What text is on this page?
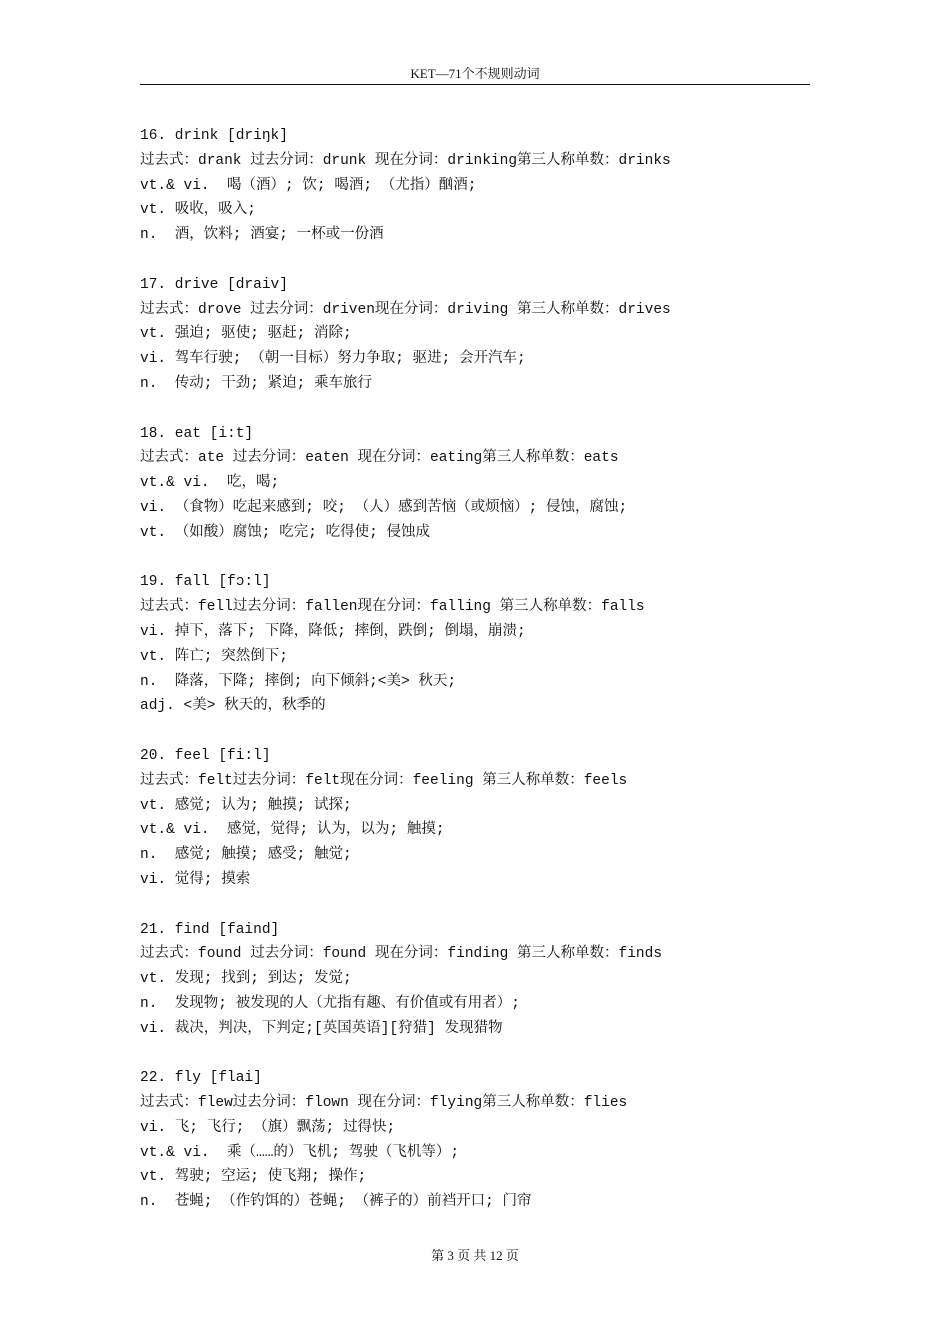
KET—71个不规则动词
16. drink [driŋk]
过去式：drank 过去分词：drunk 现在分词：drinking第三人称单数：drinks
vt.& vi.  喝（酒）; 饮; 喝酒; （尤指）酗酒;
vt. 吸收，吸入;
n.  酒，饮料; 酒宴; 一杯或一份酒
17. drive [draiv]
过去式：drove 过去分词：driven现在分词：driving 第三人称单数：drives
vt. 强迫; 驱使; 驱赶; 消除;
vi. 驾车行驶; （朝一目标）努力争取; 驱进; 会开汽车;
n.  传动; 干劲; 紧迫; 乘车旅行
18. eat [i:t]
过去式：ate 过去分词：eaten 现在分词：eating第三人称单数：eats
vt.& vi.  吃，喝;
vi. （食物）吃起来感到; 咬; （人）感到苦恼（或烦恼）; 侵蚀，腐蚀;
vt. （如酸）腐蚀; 吃完; 吃得使; 侵蚀成
19. fall [fɔ:l]
过去式：fell过去分词：fallen现在分词：falling 第三人称单数：falls
vi. 掉下，落下; 下降，降低; 摔倒，跌倒; 倒塌，崩溃;
vt. 阵亡; 突然倒下;
n.  降落，下降; 摔倒; 向下倾斜;<美> 秋天;
adj. <美> 秋天的，秋季的
20. feel [fi:l]
过去式：felt过去分词：felt现在分词：feeling 第三人称单数：feels
vt. 感觉; 认为; 触摸; 试探;
vt.& vi.  感觉，觉得; 认为，以为; 触摸;
n.  感觉; 触摸; 感受; 触觉;
vi. 觉得; 摸索
21. find [faind]
过去式：found 过去分词：found 现在分词：finding 第三人称单数：finds
vt. 发现; 找到; 到达; 发觉;
n.  发现物; 被发现的人（尤指有趣、有价值或有用者）;
vi. 裁决，判决，下判定;[英国英语][狩猎] 发现猎物
22. fly [flai]
过去式：flew过去分词：flown 现在分词：flying第三人称单数：flies
vi. 飞; 飞行; （旗）飘荡; 过得快;
vt.& vi.  乘（……的）飞机; 驾驶（飞机等）;
vt. 驾驶; 空运; 使飞翔; 操作;
n.  苍蝇; （作钓饵的）苍蝇; （裤子的）前裆开口; 门帘
第 3 页 共 12 页
